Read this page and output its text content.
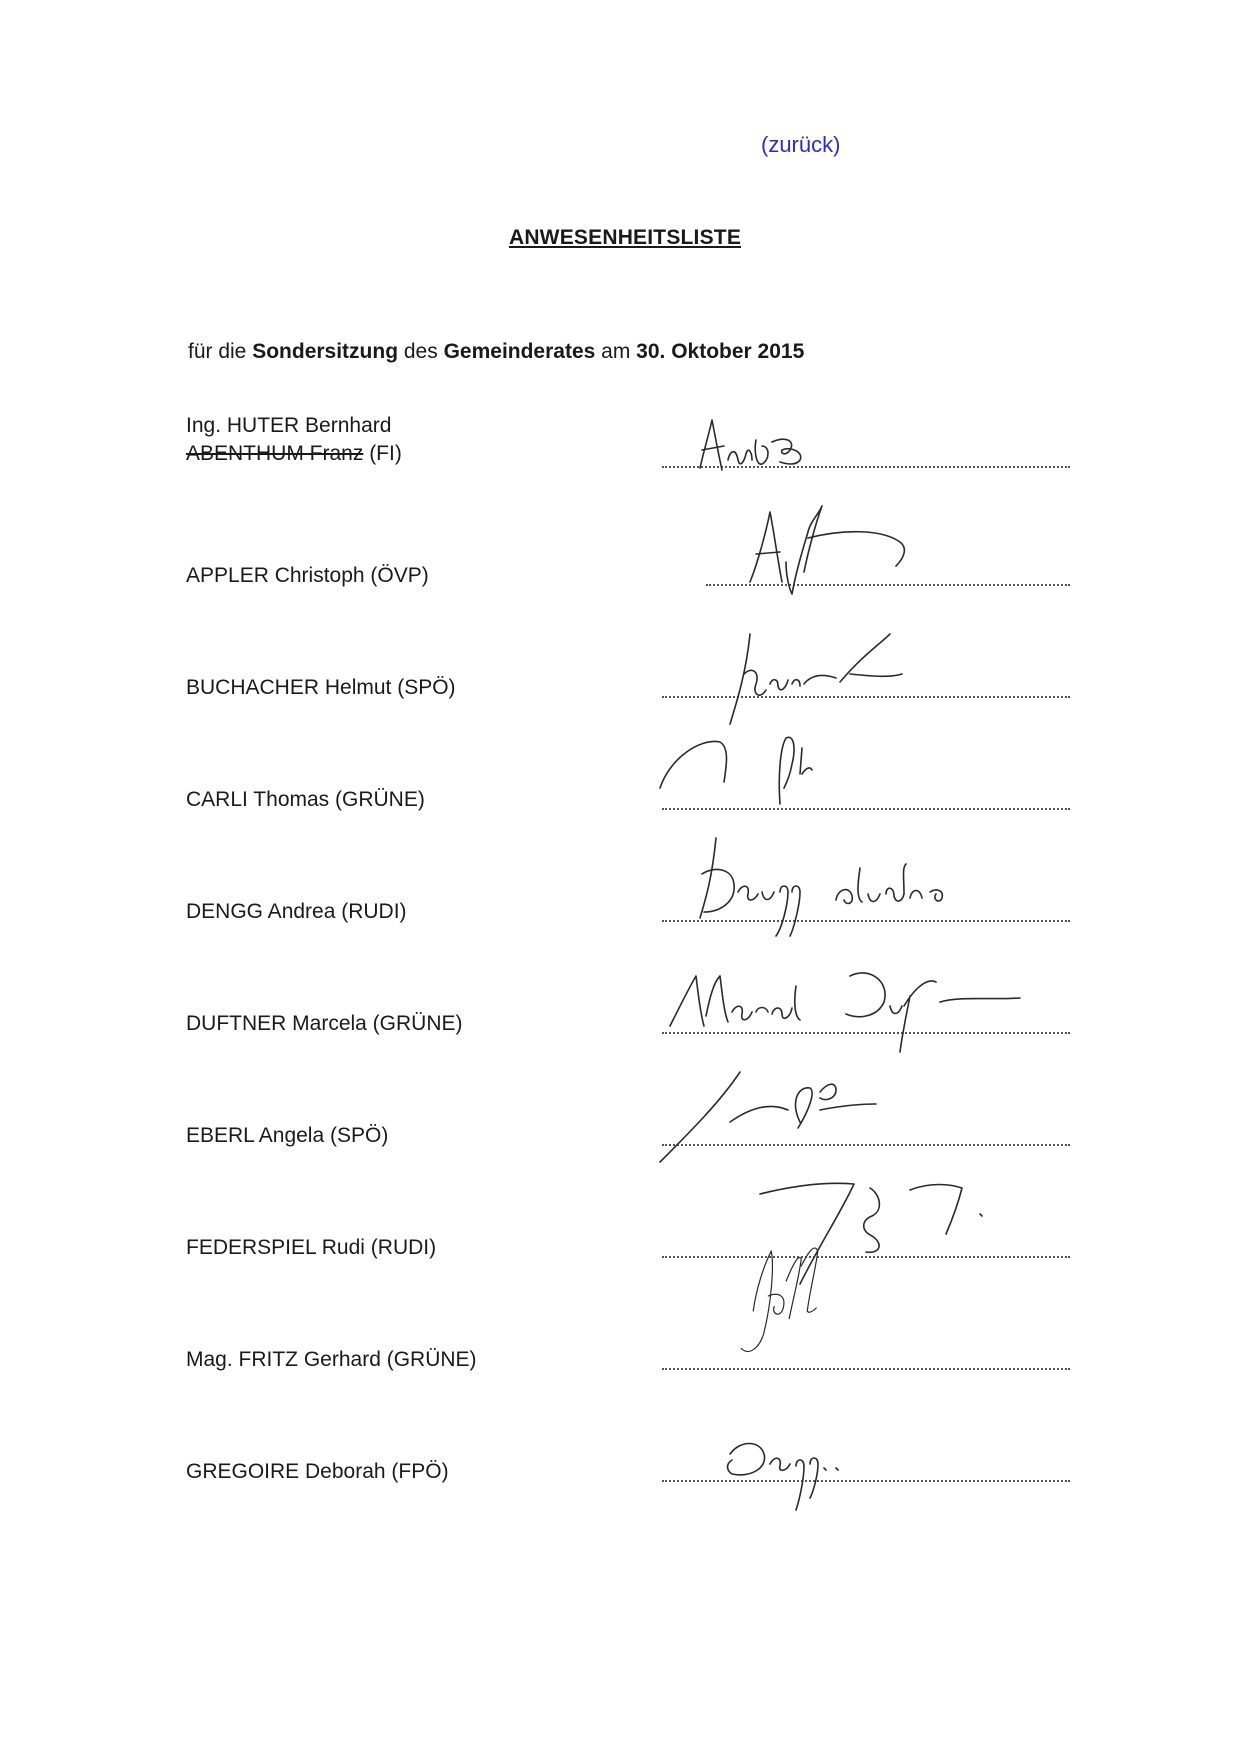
(zurück)
ANWESENHEITSLISTE
für die Sondersitzung des Gemeinderates am 30. Oktober 2015
Ing. HUTER Bernhard
ABENTHUM Franz (FI)
APPLER Christoph (ÖVP)
BUCHACHER Helmut (SPÖ)
CARLI Thomas (GRÜNE)
DENGG Andrea (RUDI)
DUFTNER Marcela (GRÜNE)
EBERL Angela (SPÖ)
FEDERSPIEL Rudi (RUDI)
Mag. FRITZ Gerhard (GRÜNE)
GREGOIRE Deborah (FPÖ)
